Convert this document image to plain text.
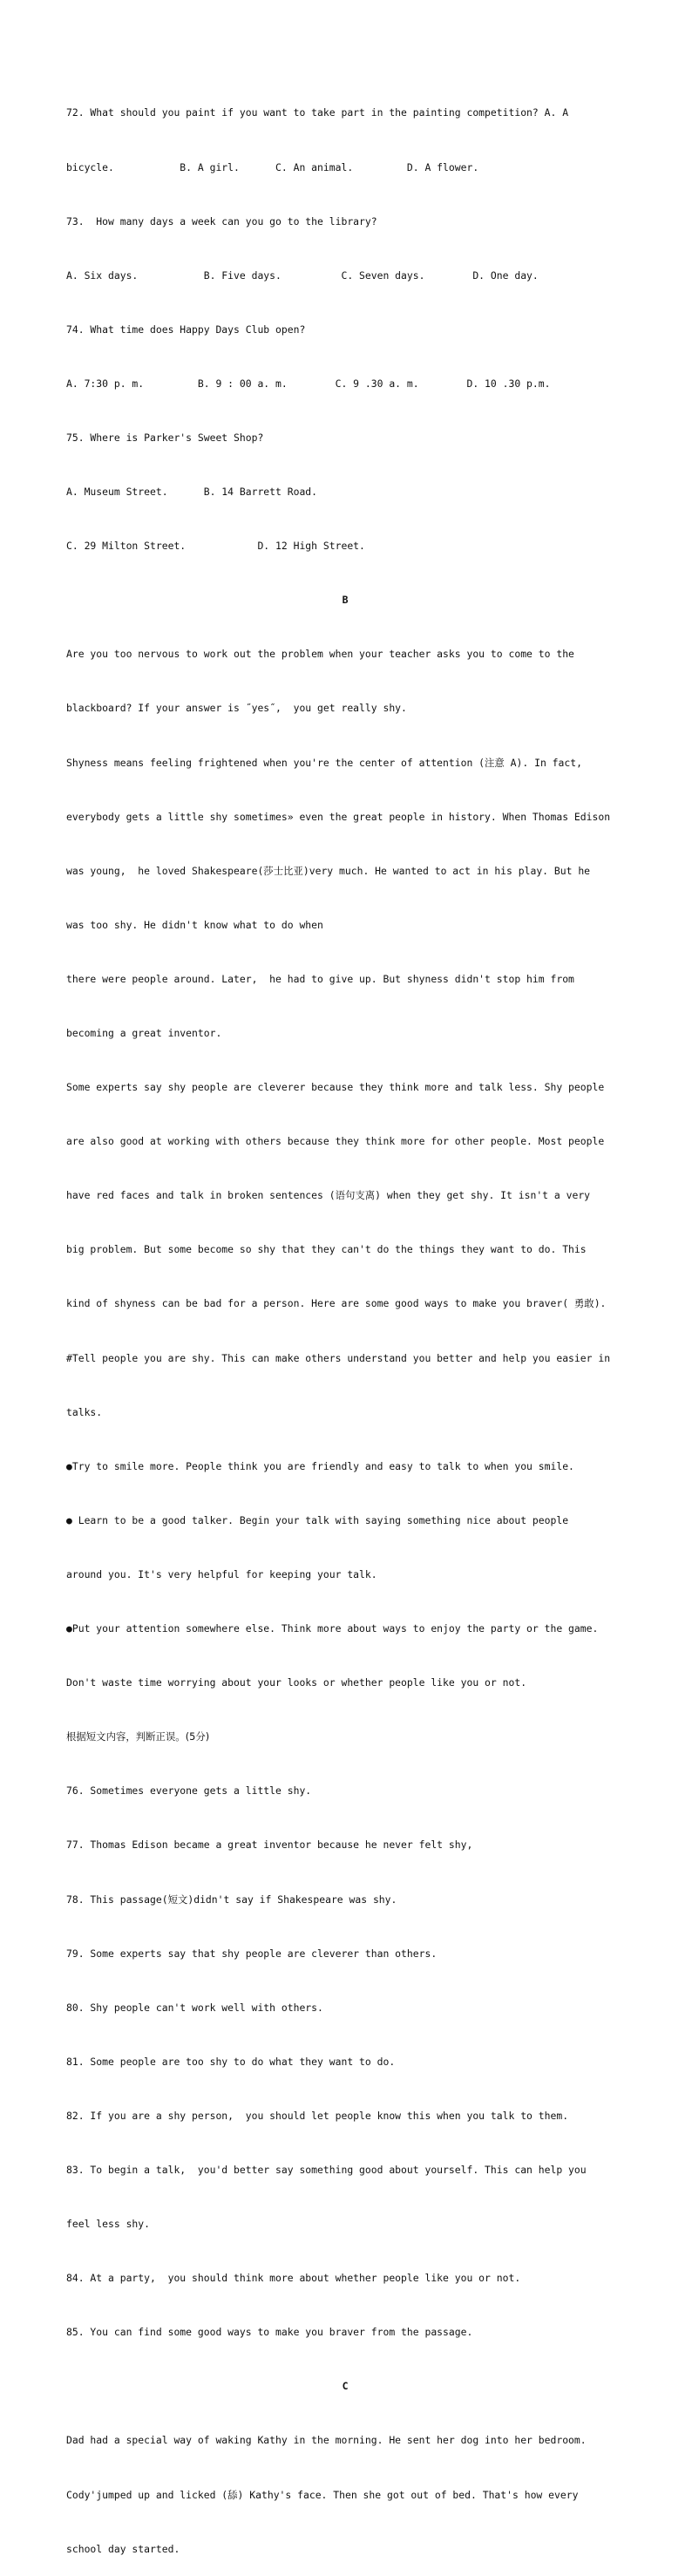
72. What should you paint if you want to take part in the painting competition? A. A

bicycle.           B. A girl.      C. An animal.         D. A flower.

73.  How many days a week can you go to the library?

A. Six days.           B. Five days.          C. Seven days.        D. One day.

74. What time does Happy Days Club open?

A. 7:30 p. m.         B. 9 : 00 a. m.        C. 9 .30 a. m.        D. 10 .30 p.m.

75. Where is Parker's Sweet Shop?

A. Museum Street.      B. 14 Barrett Road.

C. 29 Milton Street.            D. 12 High Street.

B

Are you too nervous to work out the problem when your teacher asks you to come to the

blackboard? If your answer is ˝yes˝,  you get really shy.

Shyness means feeling frightened when you're the center of attention (注意 A). In fact,

everybody gets a little shy sometimes» even the great people in history. When Thomas Edison

was young,  he loved Shakespeare(莎士比亚)very much. He wanted to act in his play. But he

was too shy. He didn't know what to do when

there were people around. Later,  he had to give up. But shyness didn't stop him from

becoming a great inventor.

Some experts say shy people are cleverer because they think more and talk less. Shy people

are also good at working with others because they think more for other people. Most people

have red faces and talk in broken sentences (语句支离) when they get shy. It isn't a very

big problem. But some become so shy that they can't do the things they want to do. This

kind of shyness can be bad for a person. Here are some good ways to make you braver( 勇敢).

#Tell people you are shy. This can make others understand you better and help you easier in

talks.

●Try to smile more. People think you are friendly and easy to talk to when you smile.

● Learn to be a good talker. Begin your talk with saying something nice about people

around you. It's very helpful for keeping your talk.

●Put your attention somewhere else. Think more about ways to enjoy the party or the game.

Don't waste time worrying about your looks or whether people like you or not.

根据短文内容，判断正误。(5分)

76. Sometimes everyone gets a little shy.

77. Thomas Edison became a great inventor because he never felt shy,

78. This passage(短文)didn't say if Shakespeare was shy.

79. Some experts say that shy people are cleverer than others.

80. Shy people can't work well with others.

81. Some people are too shy to do what they want to do.

82. If you are a shy person,  you should let people know this when you talk to them.

83. To begin a talk,  you'd better say something good about yourself. This can help you

feel less shy.

84. At a party,  you should think more about whether people like you or not.

85. You can find some good ways to make you braver from the passage.

C

Dad had a special way of waking Kathy in the morning. He sent her dog into her bedroom.

Cody'jumped up and licked (舔) Kathy's face. Then she got out of bed. That's how every

school day started.
